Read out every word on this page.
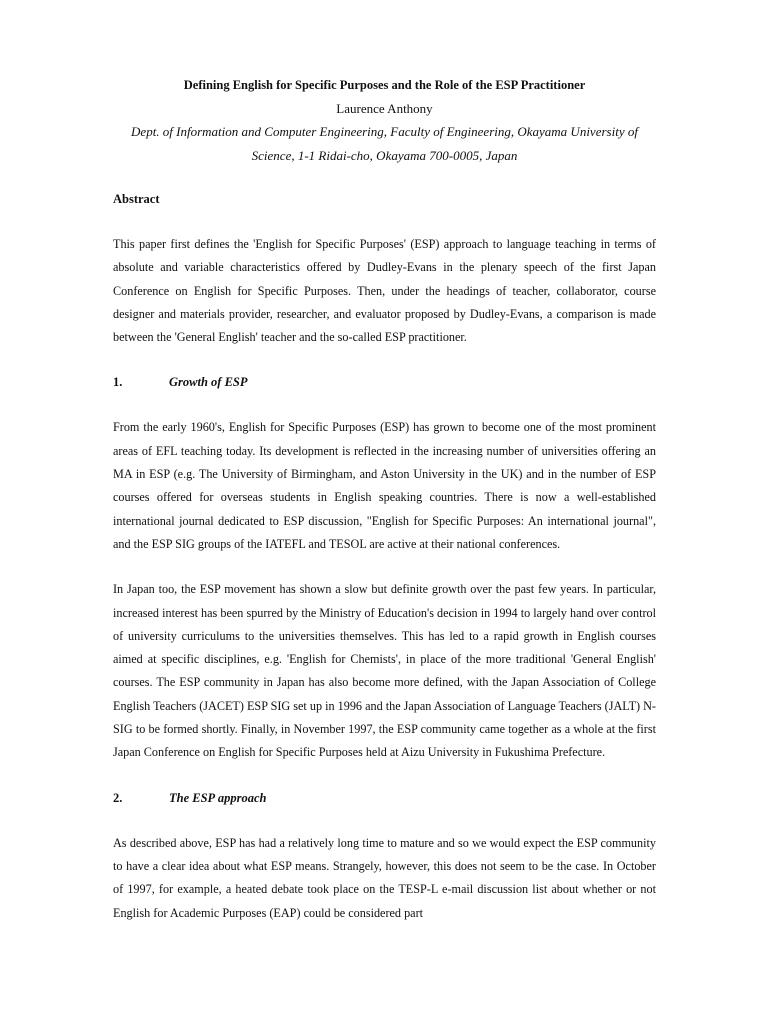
Defining English for Specific Purposes and the Role of the ESP Practitioner

Laurence Anthony

Dept. of Information and Computer Engineering, Faculty of Engineering, Okayama University of Science, 1-1 Ridai-cho, Okayama 700-0005, Japan

Abstract

This paper first defines the 'English for Specific Purposes' (ESP) approach to language teaching in terms of absolute and variable characteristics offered by Dudley-Evans in the plenary speech of the first Japan Conference on English for Specific Purposes. Then, under the headings of teacher, collaborator, course designer and materials provider, researcher, and evaluator proposed by Dudley-Evans, a comparison is made between the 'General English' teacher and the so-called ESP practitioner.

1.	Growth of ESP

From the early 1960's, English for Specific Purposes (ESP) has grown to become one of the most prominent areas of EFL teaching today. Its development is reflected in the increasing number of universities offering an MA in ESP (e.g. The University of Birmingham, and Aston University in the UK) and in the number of ESP courses offered for overseas students in English speaking countries. There is now a well-established international journal dedicated to ESP discussion, "English for Specific Purposes: An international journal", and the ESP SIG groups of the IATEFL and TESOL are active at their national conferences.

In Japan too, the ESP movement has shown a slow but definite growth over the past few years. In particular, increased interest has been spurred by the Ministry of Education's decision in 1994 to largely hand over control of university curriculums to the universities themselves. This has led to a rapid growth in English courses aimed at specific disciplines, e.g. 'English for Chemists', in place of the more traditional 'General English' courses. The ESP community in Japan has also become more defined, with the Japan Association of College English Teachers (JACET) ESP SIG set up in 1996 and the Japan Association of Language Teachers (JALT) N-SIG to be formed shortly. Finally, in November 1997, the ESP community came together as a whole at the first Japan Conference on English for Specific Purposes held at Aizu University in Fukushima Prefecture.

2.	The ESP approach

As described above, ESP has had a relatively long time to mature and so we would expect the ESP community to have a clear idea about what ESP means. Strangely, however, this does not seem to be the case. In October of 1997, for example, a heated debate took place on the TESP-L e-mail discussion list about whether or not English for Academic Purposes (EAP) could be considered part
